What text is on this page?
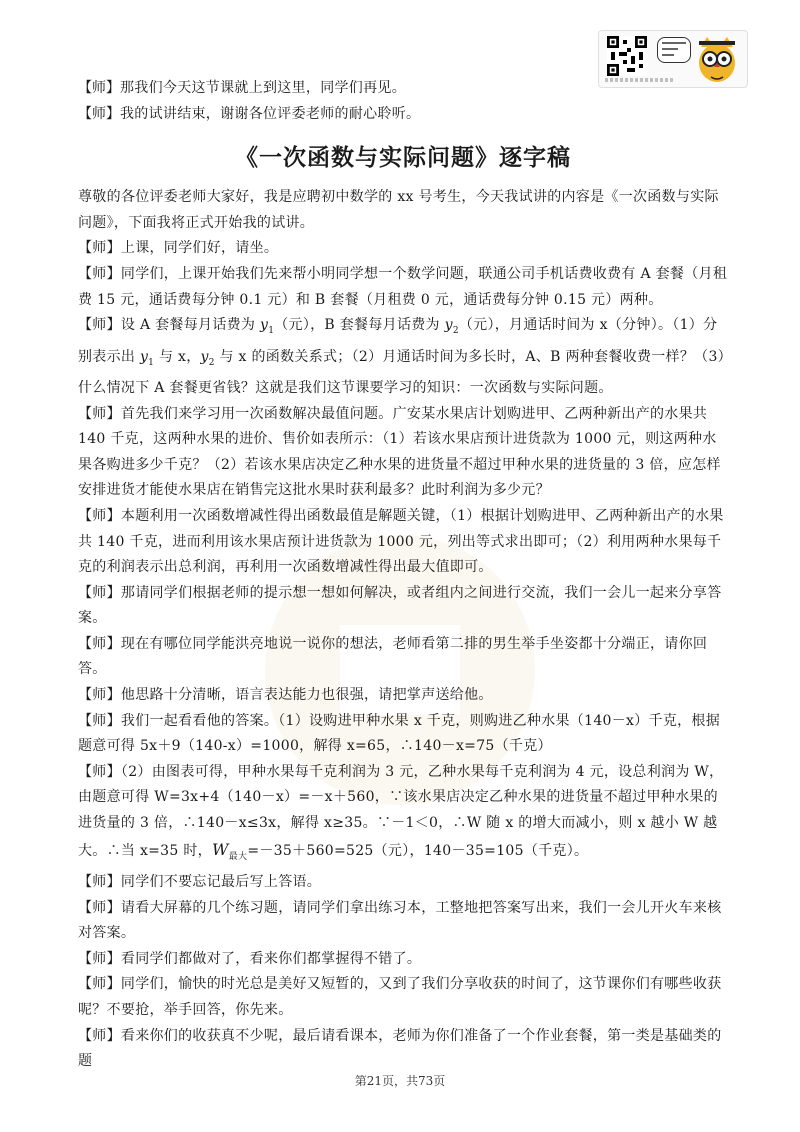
【师】那我们今天这节课就上到这里，同学们再见。

【师】我的试讲结束，谢谢各位评委老师的耐心聆听。

《一次函数与实际问题》逐字稿

尊敬的各位评委老师大家好，我是应聘初中数学的 xx 号考生，今天我试讲的内容是《一次函数与实际问题》，下面我将正式开始我的试讲。

【师】上课，同学们好，请坐。

【师】同学们，上课开始我们先来帮小明同学想一个数学问题，联通公司手机话费收费有 A 套餐（月租费 15 元，通话费每分钟 0.1 元）和 B 套餐（月租费 0 元，通话费每分钟 0.15 元）两种。

【师】设 A 套餐每月话费为 $y_1$（元），B 套餐每月话费为 $y_2$（元），月通话时间为 x（分钟）。（1）分别表示出 $y_1$ 与 x，$y_2$ 与 x 的函数关系式；（2）月通话时间为多长时，A、B 两种套餐收费一样？（3）什么情况下 A 套餐更省钱？这就是我们这节课要学习的知识：一次函数与实际问题。

【师】首先我们来学习用一次函数解决最值问题。广安某水果店计划购进甲、乙两种新出产的水果共 140 千克，这两种水果的进价、售价如表所示：（1）若该水果店预计进货款为 1000 元，则这两种水果各购进多少千克？（2）若该水果店决定乙种水果的进货量不超过甲种水果的进货量的 3 倍，应怎样安排进货才能使水果店在销售完这批水果时获利最多？此时利润为多少元？

【师】本题利用一次函数增减性得出函数最值是解题关键，（1）根据计划购进甲、乙两种新出产的水果共 140 千克，进而利用该水果店预计进货款为 1000 元，列出等式求出即可；（2）利用两种水果每千克的利润表示出总利润，再利用一次函数增减性得出最大值即可。

【师】那请同学们根据老师的提示想一想如何解决，或者组内之间进行交流，我们一会儿一起来分享答案。

【师】现在有哪位同学能洪亮地说一说你的想法，老师看第二排的男生举手坐姿都十分端正，请你回答。

【师】他思路十分清晰，语言表达能力也很强，请把掌声送给他。

【师】我们一起看看他的答案。（1）设购进甲种水果 x 千克，则购进乙种水果（140－x）千克，根据题意可得 5x＋9（140-x）=1000，解得 x=65，∴140－x=75（千克）

【师】（2）由图表可得，甲种水果每千克利润为 3 元，乙种水果每千克利润为 4 元，设总利润为 W，由题意可得 W=3x+4（140－x）=－x＋560，∵该水果店决定乙种水果的进货量不超过甲种水果的进货量的 3 倍，∴140－x≤3x，解得 x≥35。∵－1＜0，∴W 随 x 的增大而减小，则 x 越小 W 越大。∴当 x=35 时，$W_{最大}=-35+560=525$（元），140－35=105（千克）。

【师】同学们不要忘记最后写上答语。

【师】请看大屏幕的几个练习题，请同学们拿出练习本，工整地把答案写出来，我们一会儿开火车来核对答案。

【师】看同学们都做对了，看来你们都掌握得不错了。

【师】同学们，愉快的时光总是美好又短暂的，又到了我们分享收获的时间了，这节课你们有哪些收获呢？不要抢，举手回答，你先来。

【师】看来你们的收获真不少呢，最后请看课本，老师为你们准备了一个作业套餐，第一类是基础类的题

第21页，共73页
